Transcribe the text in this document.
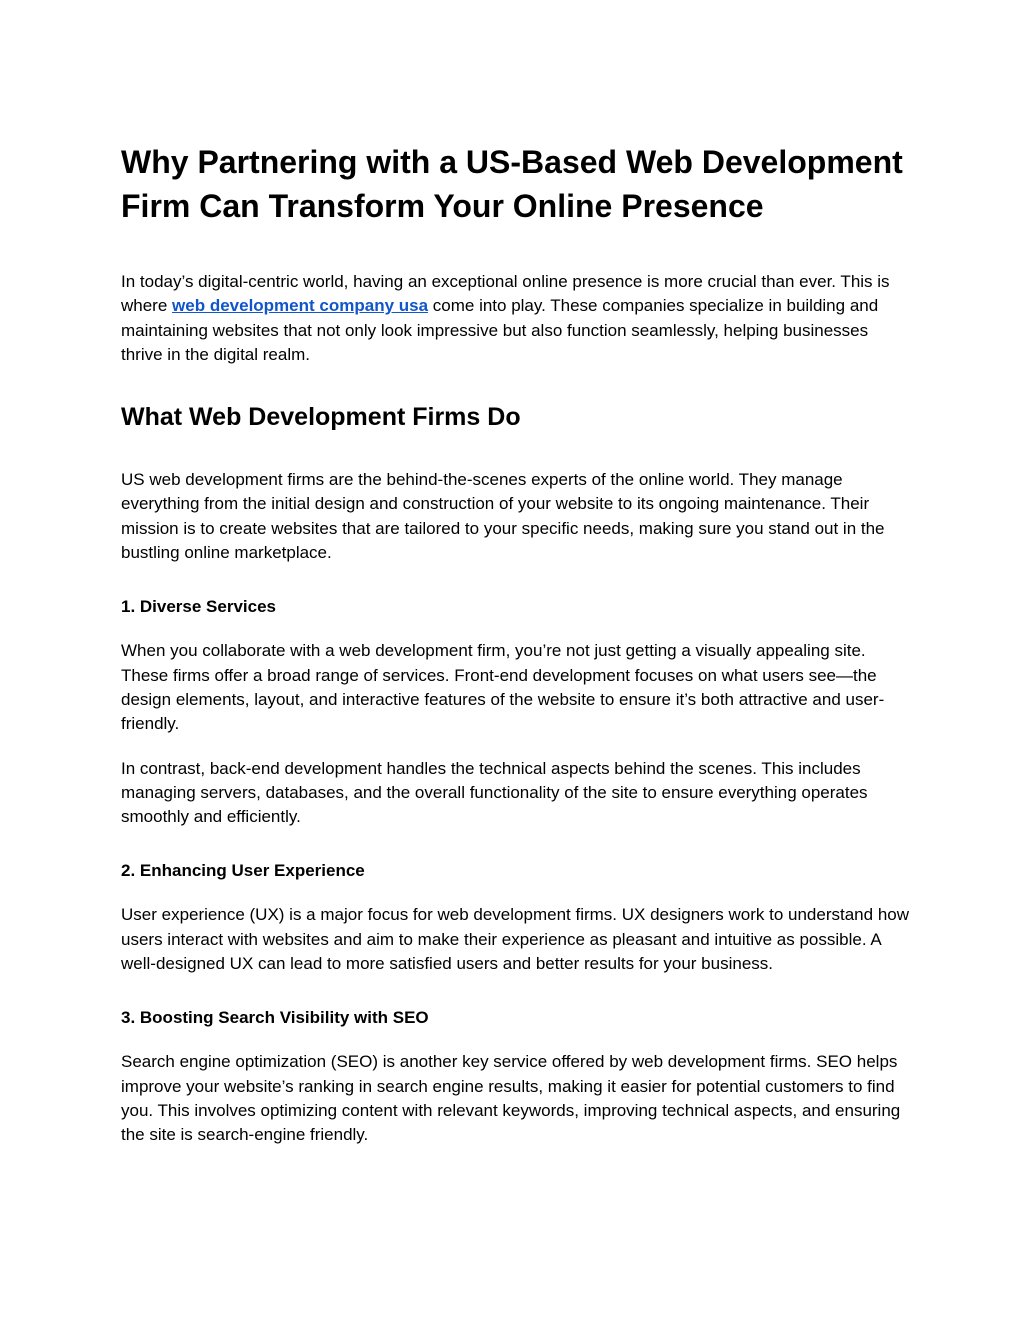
Why Partnering with a US-Based Web Development Firm Can Transform Your Online Presence

In today’s digital-centric world, having an exceptional online presence is more crucial than ever. This is where web development company usa come into play. These companies specialize in building and maintaining websites that not only look impressive but also function seamlessly, helping businesses thrive in the digital realm.

What Web Development Firms Do

US web development firms are the behind-the-scenes experts of the online world. They manage everything from the initial design and construction of your website to its ongoing maintenance. Their mission is to create websites that are tailored to your specific needs, making sure you stand out in the bustling online marketplace.

1. Diverse Services

When you collaborate with a web development firm, you’re not just getting a visually appealing site. These firms offer a broad range of services. Front-end development focuses on what users see—the design elements, layout, and interactive features of the website to ensure it’s both attractive and user-friendly.

In contrast, back-end development handles the technical aspects behind the scenes. This includes managing servers, databases, and the overall functionality of the site to ensure everything operates smoothly and efficiently.

2. Enhancing User Experience

User experience (UX) is a major focus for web development firms. UX designers work to understand how users interact with websites and aim to make their experience as pleasant and intuitive as possible. A well-designed UX can lead to more satisfied users and better results for your business.

3. Boosting Search Visibility with SEO

Search engine optimization (SEO) is another key service offered by web development firms. SEO helps improve your website’s ranking in search engine results, making it easier for potential customers to find you. This involves optimizing content with relevant keywords, improving technical aspects, and ensuring the site is search-engine friendly.
